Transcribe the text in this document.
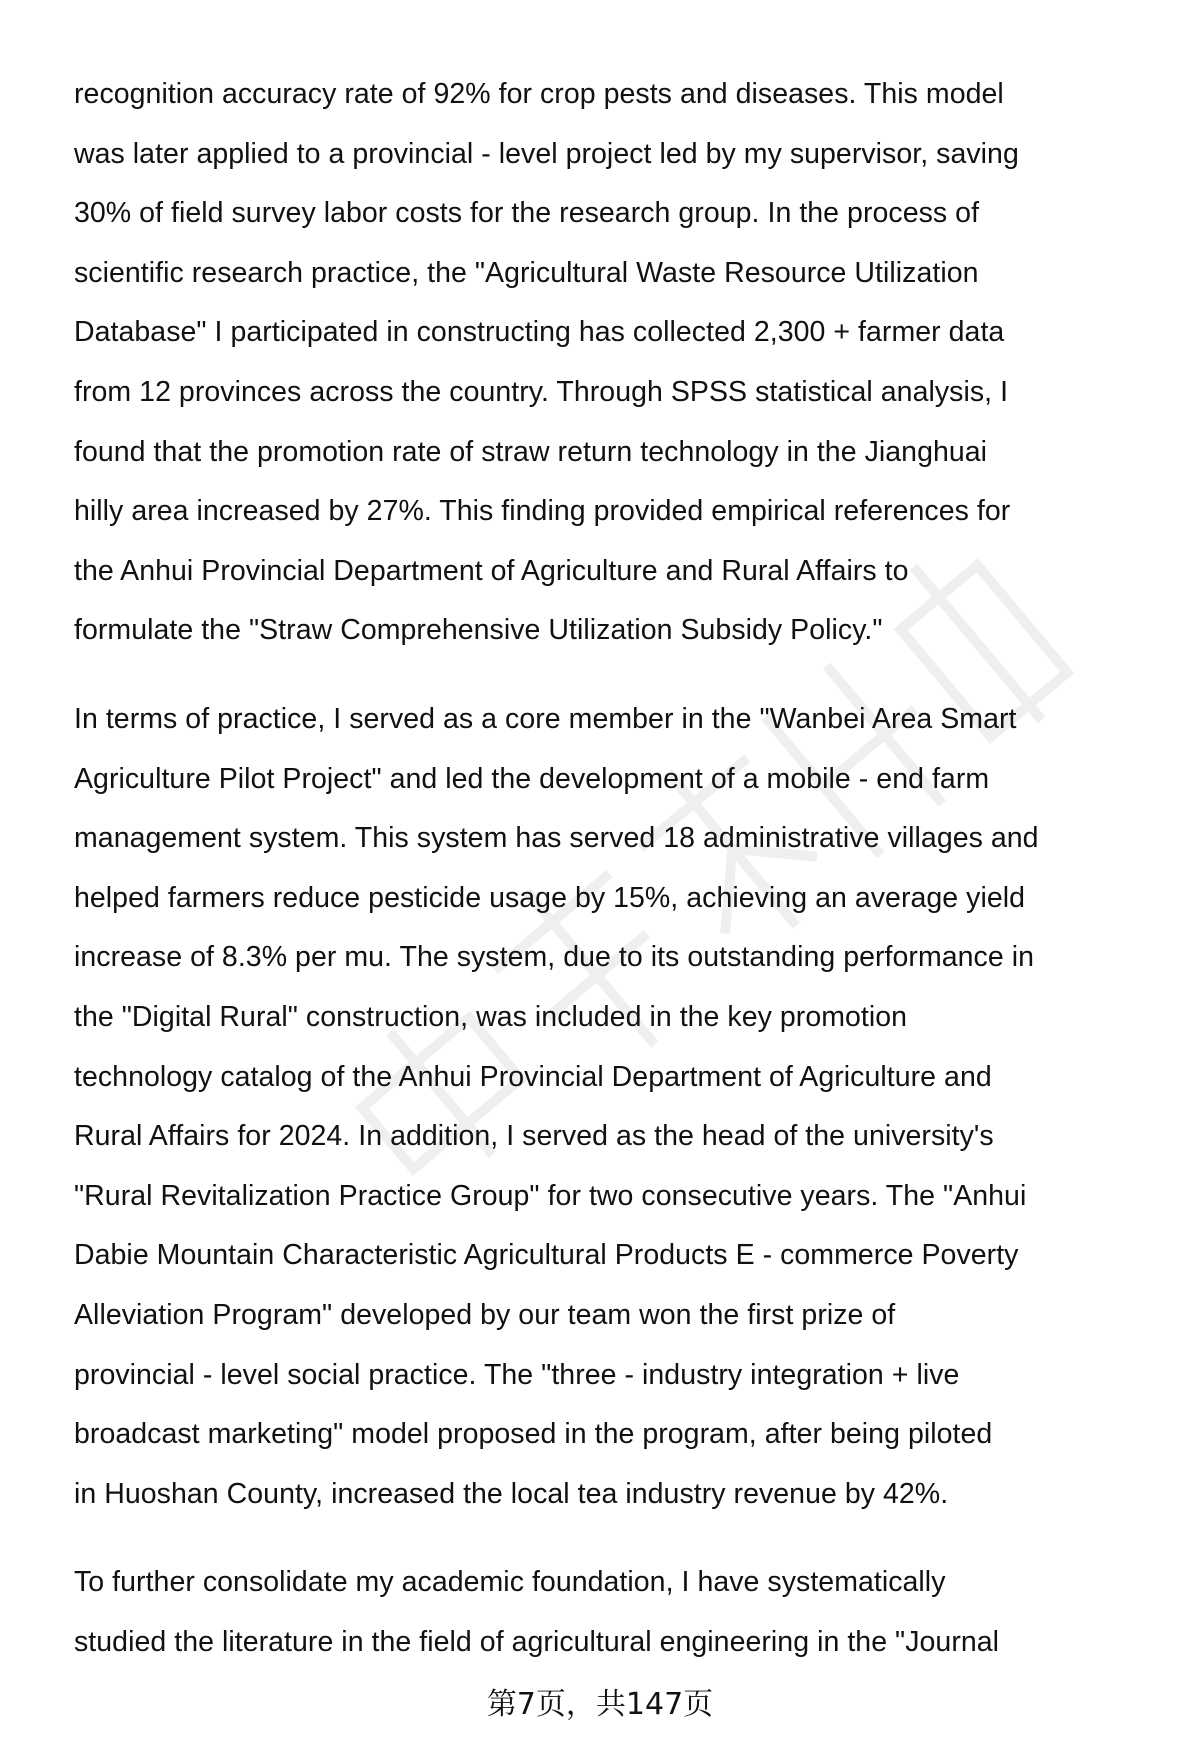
recognition accuracy rate of 92% for crop pests and diseases. This model
was later applied to a provincial - level project led by my supervisor, saving
30% of field survey labor costs for the research group. In the process of
scientific research practice, the "Agricultural Waste Resource Utilization
Database" I participated in constructing has collected 2,300 + farmer data
from 12 provinces across the country. Through SPSS statistical analysis, I
found that the promotion rate of straw return technology in the Jianghuai
hilly area increased by 27%. This finding provided empirical references for
the Anhui Provincial Department of Agriculture and Rural Affairs to
formulate the "Straw Comprehensive Utilization Subsidy Policy."
In terms of practice, I served as a core member in the "Wanbei Area Smart
Agriculture Pilot Project" and led the development of a mobile - end farm
management system. This system has served 18 administrative villages and
helped farmers reduce pesticide usage by 15%, achieving an average yield
increase of 8.3% per mu. The system, due to its outstanding performance in
the "Digital Rural" construction, was included in the key promotion
technology catalog of the Anhui Provincial Department of Agriculture and
Rural Affairs for 2024. In addition, I served as the head of the university's
"Rural Revitalization Practice Group" for two consecutive years. The "Anhui
Dabie Mountain Characteristic Agricultural Products E - commerce Poverty
Alleviation Program" developed by our team won the first prize of
provincial - level social practice. The "three - industry integration + live
broadcast marketing" model proposed in the program, after being piloted
in Huoshan County, increased the local tea industry revenue by 42%.
To further consolidate my academic foundation, I have systematically
studied the literature in the field of agricultural engineering in the "Journal
第7页，共147页
